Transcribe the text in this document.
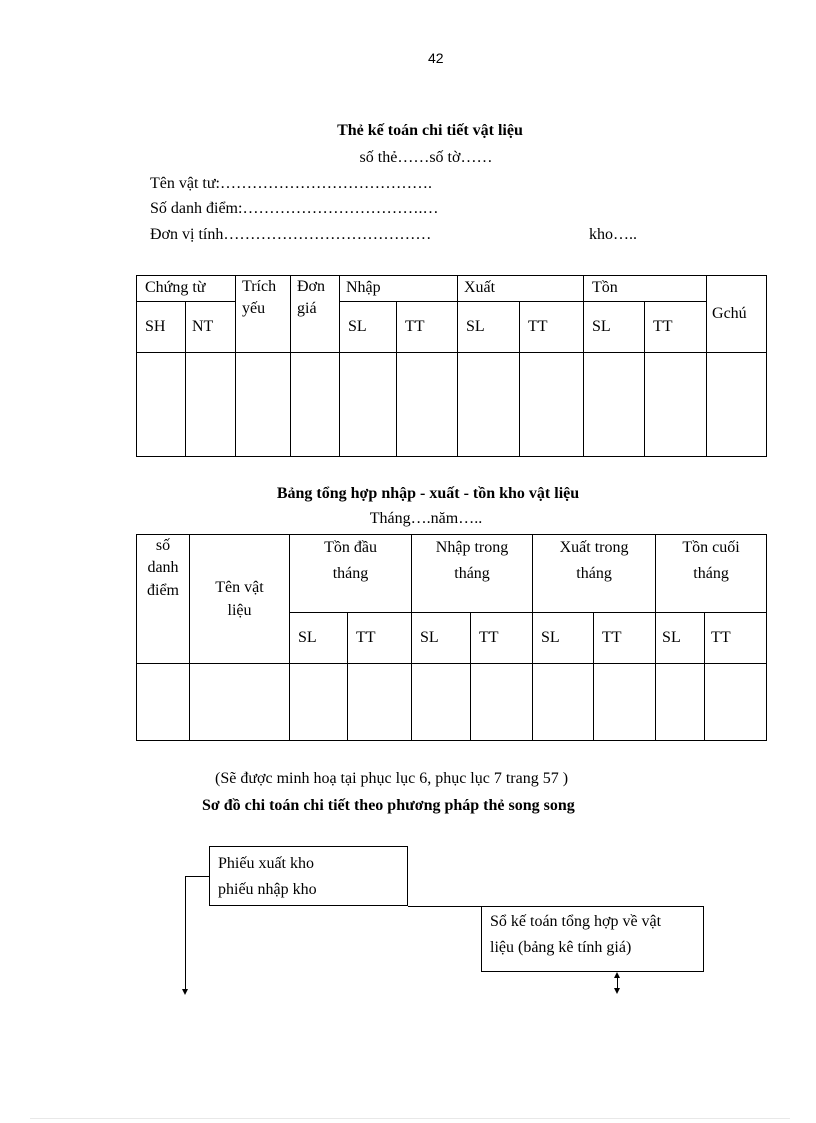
42
Thẻ kế toán chi tiết vật liệu
số thẻ……số tờ……
Tên vật tư:………………………………….
Số danh điểm:…………………………….…
Đơn vị tính…………………………………	kho…..
Chứng từ		Trích yếu	Đơn giá	Nhập		Xuất		Tồn		Gchú
SH	NT			SL	TT	SL	TT	SL	TT	

Bảng tổng hợp nhập - xuất - tồn kho vật liệu
Tháng….năm…..
số danh điểm	Tên vật liệu	Tồn đầu tháng		Nhập trong tháng		Xuất trong tháng		Tồn cuối tháng	
		SL	TT	SL	TT	SL	TT	SL	TT

(Sẽ được minh hoạ tại phục lục 6, phục lục 7 trang 57 )
Sơ đồ chi toán chi tiết theo phương pháp thẻ song song
Phiếu xuất kho
phiếu nhập kho
Sổ kế toán tổng hợp về vật
liệu (bảng kê tính giá)
